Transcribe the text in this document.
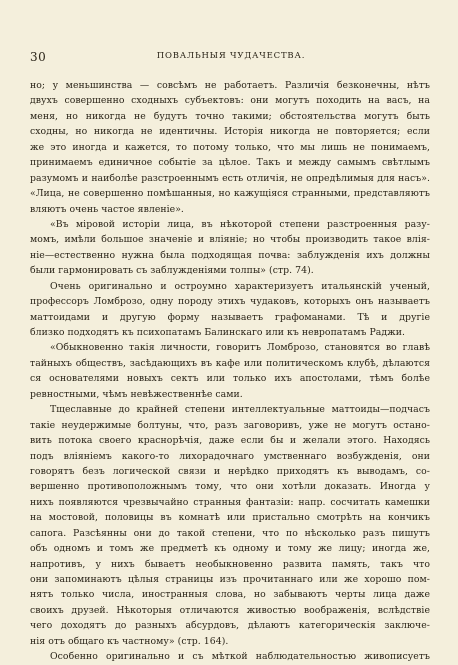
30	ПОВАЛЬНЫЯ ЧУДАЧЕСТВА.
но; у меньшинства — совсѣмъ не работаетъ. Различія безконечны, нѣтъ
двухъ совершенно сходныхъ субъектовъ: они могутъ походить на васъ, на
меня, но никогда не будутъ точно такими; обстоятельства могутъ быть
сходны, но никогда не идентичны. Исторія никогда не повторяется; если
же это иногда и кажется, то потому только, что мы лишь не понимаемъ,
принимаемъ единичное событіе за цѣлое. Такъ и между самымъ свѣтлымъ
разумомъ и наиболѣе разстроеннымъ есть отличія, не опредѣлимыя для насъ».
«Лица, не совершенно помѣшанныя, но кажущіяся странными, представляютъ
вляютъ очень частое явленіе».
«Въ міровой исторіи лица, въ нѣкоторой степени разстроенныя разу-
момъ, имѣли большое значеніе и вліяніе; но чтобы производить такое влія-
ніе—естественно нужна была подходящая почва: заблужденія ихъ должны
были гармонировать съ заблужденіями толпы» (стр. 74).
Очень оригинально и остроумно характеризуетъ итальянскій ученый,
профессоръ Ломброзо, одну породу этихъ чудаковъ, которыхъ онъ называетъ
маттоидами и другую форму называетъ графоманами. Тѣ и другіе
близко подходятъ къ психопатамъ Балинскаго или къ невропатамъ Раджи.
«Обыкновенно такія личности, говоритъ Ломброзо, становятся во главѣ
тайныхъ обществъ, засѣдающихъ въ кафе или политическомъ клубѣ, дѣлаются
ся основателями новыхъ сектъ или только ихъ апостолами, тѣмъ болѣе
ревностными, чѣмъ невѣжественнѣе сами.
Тщеславные до крайней степени интеллектуальные маттоиды—подчасъ
такіе неудержимые болтуны, что, разъ заговоривъ, уже не могутъ остано-
вить потока своего краснорѣчія, даже если бы и желали этого. Находясь
подъ вліяніемъ какого-то лихорадочнаго умственнаго возбужденія, они
говорятъ безъ логической связи и нерѣдко приходятъ къ выводамъ, со-
вершенно противоположнымъ тому, что они хотѣли доказать. Иногда у
нихъ появляются чрезвычайно странныя фантазіи: напр. сосчитать камешки
на мостовой, половицы въ комнатѣ или пристально смотрѣть на кончикъ
сапога. Разсѣянны они до такой степени, что по нѣсколько разъ пишутъ
объ одномъ и томъ же предметѣ къ одному и тому же лицу; иногда же,
напротивъ, у нихъ бываетъ необыкновенно развита память, такъ что
они запоминаютъ цѣлыя страницы изъ прочитаннаго или же хорошо пом-
нятъ только числа, иностранныя слова, но забываютъ черты лица даже
своихъ друзей. Нѣкоторыя отличаются живостью воображенія, вслѣдствіе
чего доходятъ до разныхъ абсурдовъ, дѣлаютъ категорическія заключе-
нія отъ общаго къ частному» (стр. 164).
Особенно оригинально и съ мѣткой наблюдательностью живописуетъ
